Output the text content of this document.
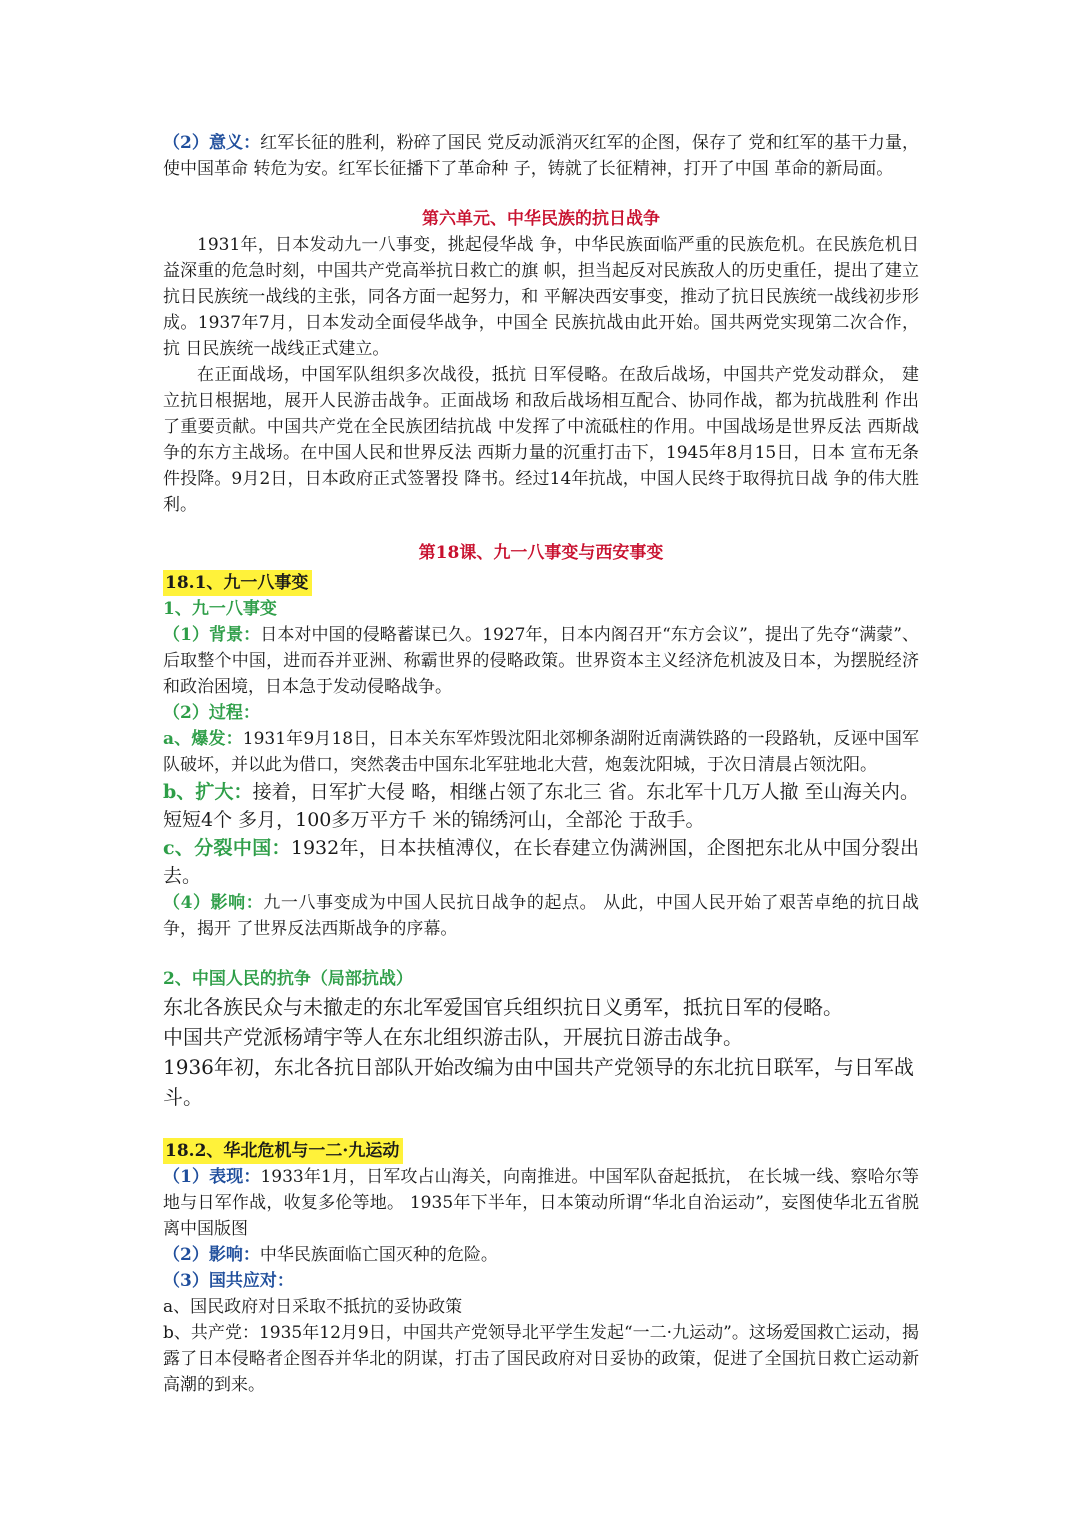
（2）意义：红军长征的胜利，粉碎了国民 党反动派消灭红军的企图，保存了 党和红军的基干力量，使中国革命 转危为安。红军长征播下了革命种 子，铸就了长征精神，打开了中国 革命的新局面。

第六单元、中华民族的抗日战争

1931年，日本发动九一八事变，挑起侵华战 争，中华民族面临严重的民族危机。在民族危机日 益深重的危急时刻，中国共产党高举抗日救亡的旗 帜，担当起反对民族敌人的历史重任，提出了建立 抗日民族统一战线的主张，同各方面一起努力，和 平解决西安事变，推动了抗日民族统一战线初步形 成。1937年7月，日本发动全面侵华战争，中国全 民族抗战由此开始。国共两党实现第二次合作，抗 日民族统一战线正式建立。

在正面战场，中国军队组织多次战役，抵抗 日军侵略。在敌后战场，中国共产党发动群众， 建立抗日根据地，展开人民游击战争。正面战场 和敌后战场相互配合、协同作战，都为抗战胜利 作出了重要贡献。中国共产党在全民族团结抗战 中发挥了中流砥柱的作用。中国战场是世界反法 西斯战争的东方主战场。在中国人民和世界反法 西斯力量的沉重打击下，1945年8月15日，日本 宣布无条件投降。9月2日，日本政府正式签署投 降书。经过14年抗战，中国人民终于取得抗日战 争的伟大胜利。

第18课、九一八事变与西安事变

18.1、九一八事变

1、九一八事变

（1）背景：日本对中国的侵略蓄谋已久。1927年，日本内阁召开“东方会议”，提出了先夺“满蒙”、后取整个中国，进而吞并亚洲、称霸世界的侵略政策。世界资本主义经济危机波及日本，为摆脱经济和政治困境，日本急于发动侵略战争。

（2）过程：

a、爆发：1931年9月18日，日本关东军炸毁沈阳北郊柳条湖附近南满铁路的一段路轨，反诬中国军队破坏，并以此为借口，突然袭击中国东北军驻地北大营，炮轰沈阳城，于次日清晨占领沈阳。

b、扩大：接着，日军扩大侵 略，相继占领了东北三 省。东北军十几万人撤 至山海关内。短短4个 多月，100多万平方千 米的锦绣河山，全部沦 于敌手。

c、分裂中国：1932年，日本扶植溥仪，在长春建立伪满洲国，企图把东北从中国分裂出去。

（4）影响：九一八事变成为中国人民抗日战争的起点。 从此，中国人民开始了艰苦卓绝的抗日战争，揭开 了世界反法西斯战争的序幕。

2、中国人民的抗争（局部抗战）

东北各族民众与未撤走的东北军爱国官兵组织抗日义勇军，抵抗日军的侵略。

中国共产党派杨靖宇等人在东北组织游击队，开展抗日游击战争。

1936年初，东北各抗日部队开始改编为由中国共产党领导的东北抗日联军，与日军战斗。

18.2、华北危机与一二·九运动

（1）表现：1933年1月，日军攻占山海关，向南推进。中国军队奋起抵抗， 在长城一线、察哈尔等地与日军作战，收复多伦等地。 1935年下半年，日本策动所谓“华北自治运动”，妄图使华北五省脱离中国版图

（2）影响：中华民族面临亡国灭种的危险。

（3）国共应对：

a、国民政府对日采取不抵抗的妥协政策

b、共产党：1935年12月9日，中国共产党领导北平学生发起“一二·九运动”。这场爱国救亡运动，揭露了日本侵略者企图吞并华北的阴谋，打击了国民政府对日妥协的政策，促进了全国抗日救亡运动新高潮的到来。
